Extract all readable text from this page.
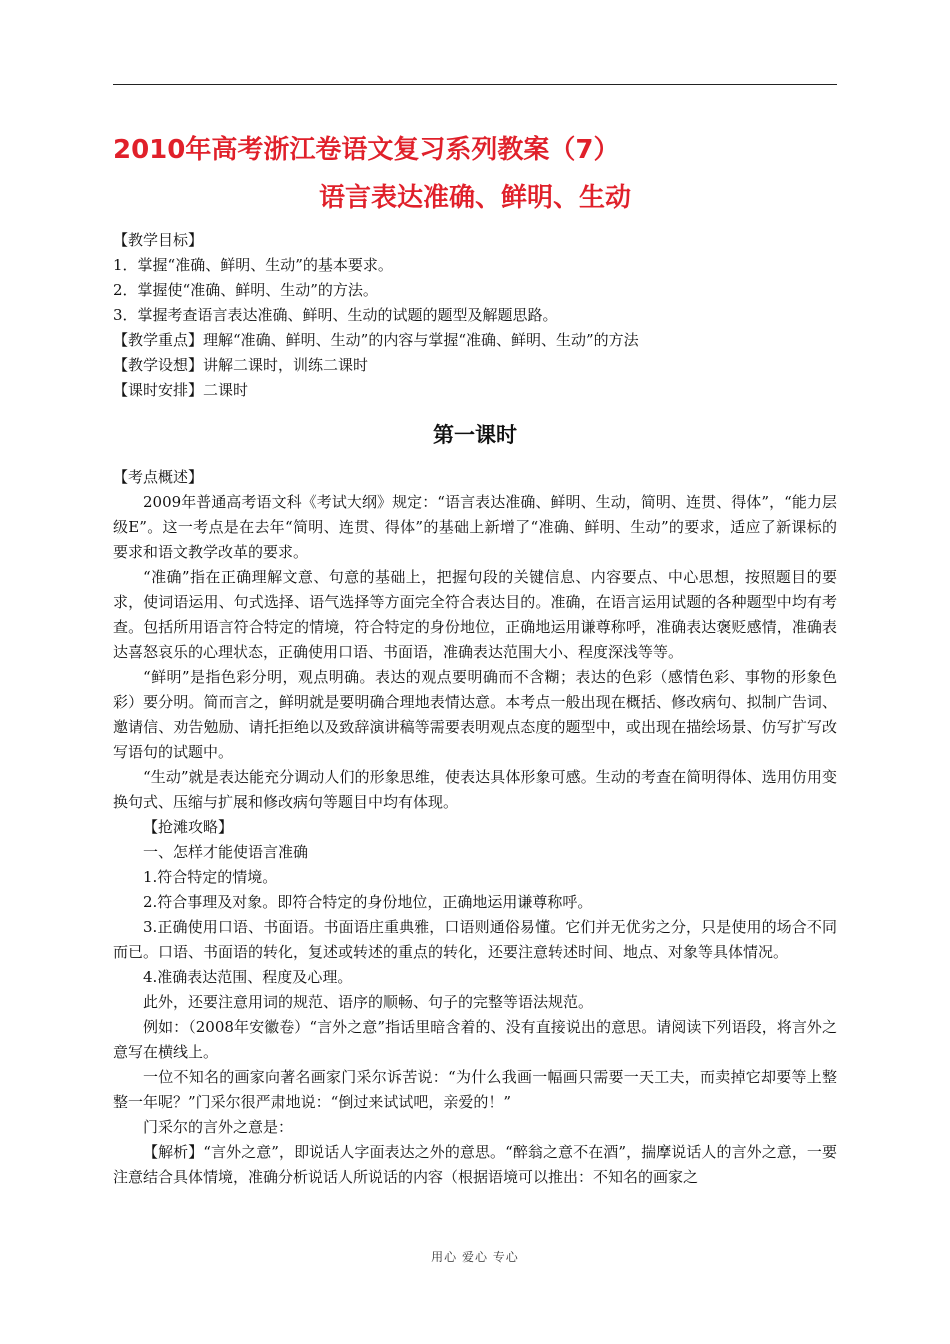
2010年高考浙江卷语文复习系列教案（7）
语言表达准确、鲜明、生动

【教学目标】

1．掌握“准确、鲜明、生动”的基本要求。

2．掌握使“准确、鲜明、生动”的方法。

3．掌握考查语言表达准确、鲜明、生动的试题的题型及解题思路。

【教学重点】理解“准确、鲜明、生动”的内容与掌握“准确、鲜明、生动”的方法

【教学设想】讲解二课时，训练二课时

【课时安排】二课时

第一课时

【考点概述】

2009年普通高考语文科《考试大纲》规定：“语言表达准确、鲜明、生动，简明、连贯、得体”，“能力层级E”。这一考点是在去年“简明、连贯、得体”的基础上新增了“准确、鲜明、生动”的要求，适应了新课标的要求和语文教学改革的要求。

“准确”指在正确理解文意、句意的基础上，把握句段的关键信息、内容要点、中心思想，按照题目的要求，使词语运用、句式选择、语气选择等方面完全符合表达目的。准确，在语言运用试题的各种题型中均有考查。包括所用语言符合特定的情境，符合特定的身份地位，正确地运用谦尊称呼，准确表达褒贬感情，准确表达喜怒哀乐的心理状态，正确使用口语、书面语，准确表达范围大小、程度深浅等等。

“鲜明”是指色彩分明，观点明确。表达的观点要明确而不含糊；表达的色彩（感情色彩、事物的形象色彩）要分明。简而言之，鲜明就是要明确合理地表情达意。本考点一般出现在概括、修改病句、拟制广告词、邀请信、劝告勉励、请托拒绝以及致辞演讲稿等需要表明观点态度的题型中，或出现在描绘场景、仿写扩写改写语句的试题中。

“生动”就是表达能充分调动人们的形象思维，使表达具体形象可感。生动的考查在简明得体、选用仿用变换句式、压缩与扩展和修改病句等题目中均有体现。

【抢滩攻略】

一、怎样才能使语言准确

1.符合特定的情境。

2.符合事理及对象。即符合特定的身份地位，正确地运用谦尊称呼。

3.正确使用口语、书面语。书面语庄重典雅，口语则通俗易懂。它们并无优劣之分，只是使用的场合不同而已。口语、书面语的转化，复述或转述的重点的转化，还要注意转述时间、地点、对象等具体情况。

4.准确表达范围、程度及心理。

此外，还要注意用词的规范、语序的顺畅、句子的完整等语法规范。

例如：（2008年安徽卷）“言外之意”指话里暗含着的、没有直接说出的意思。请阅读下列语段，将言外之意写在横线上。

一位不知名的画家向著名画家门采尔诉苦说：“为什么我画一幅画只需要一天工夫，而卖掉它却要等上整整一年呢？”门采尔很严肃地说：“倒过来试试吧，亲爱的！”

门采尔的言外之意是：

【解析】“言外之意”，即说话人字面表达之外的意思。“醉翁之意不在酒”，揣摩说话人的言外之意，一要注意结合具体情境，准确分析说话人所说话的内容（根据语境可以推出：不知名的画家之

用心 爱心 专心
